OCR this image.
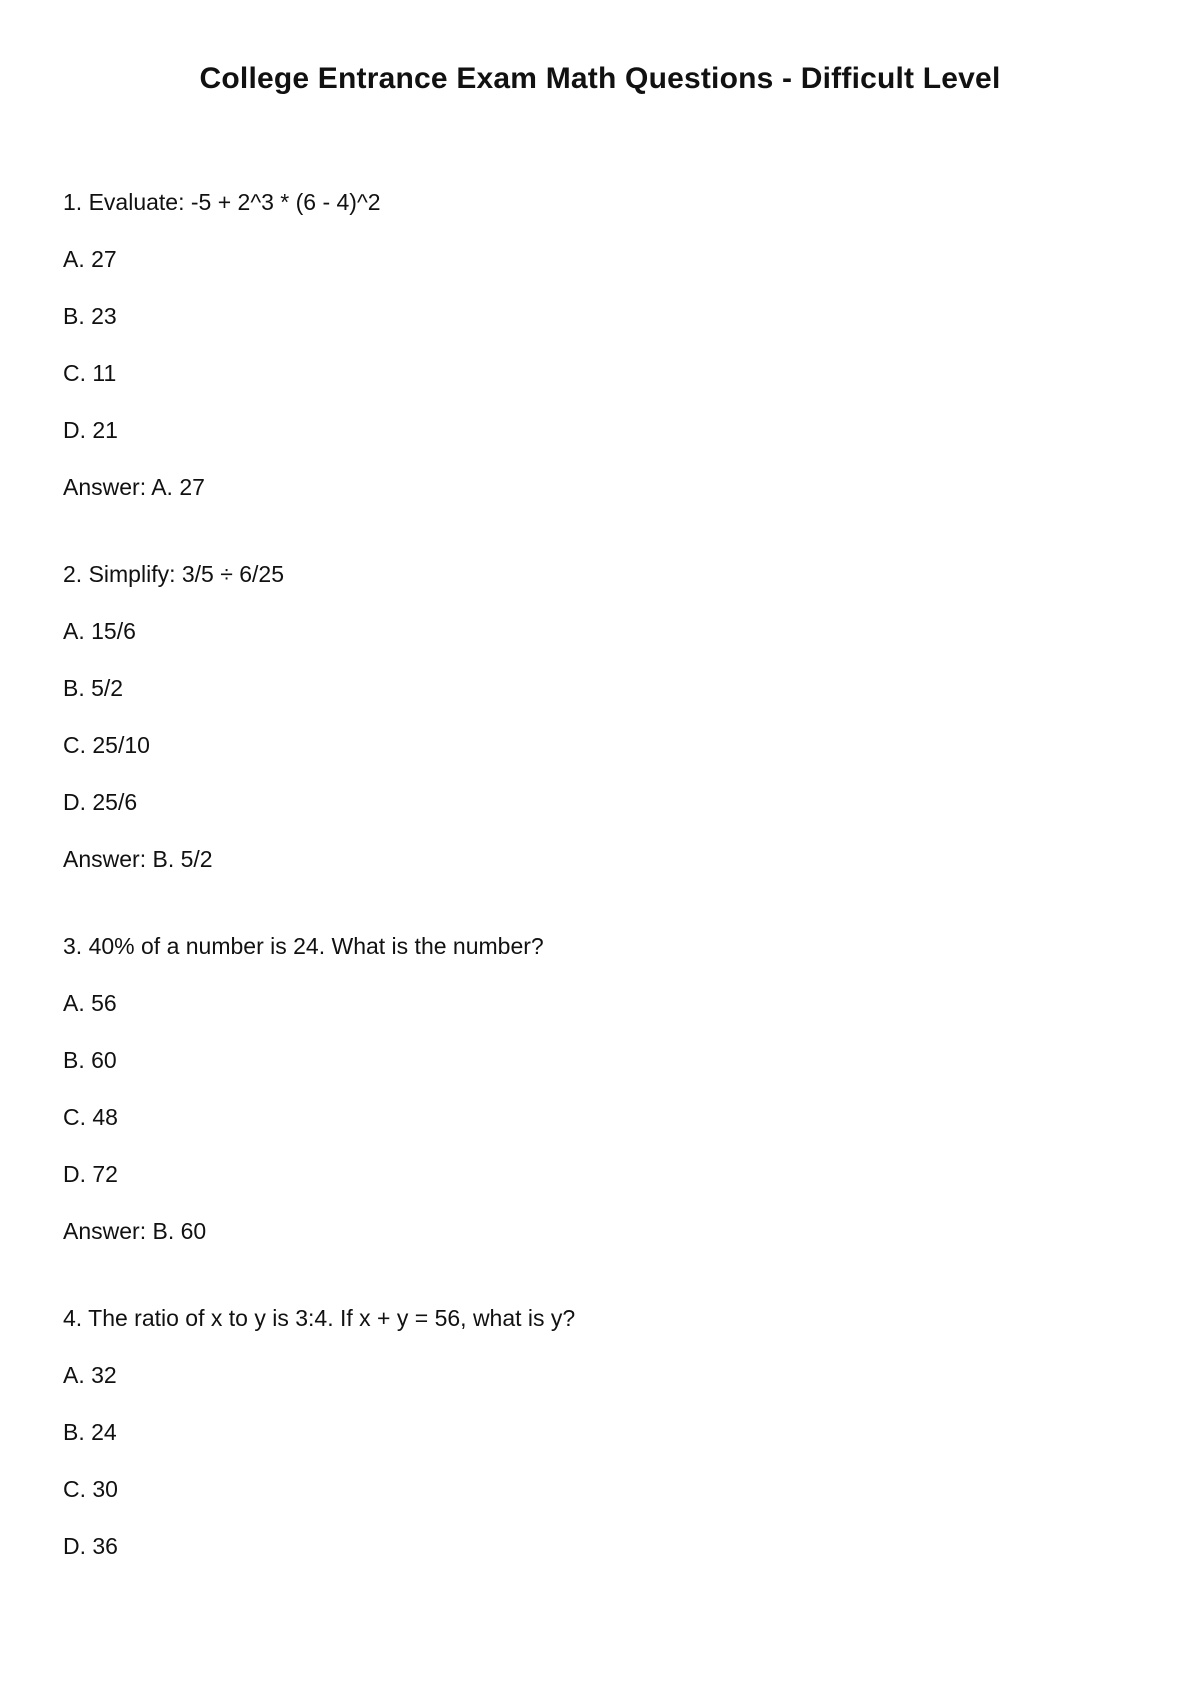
College Entrance Exam Math Questions - Difficult Level

1. Evaluate: -5 + 2^3 * (6 - 4)^2

A. 27

B. 23

C. 11

D. 21

Answer: A. 27

2. Simplify: 3/5 ÷ 6/25

A. 15/6

B. 5/2

C. 25/10

D. 25/6

Answer: B. 5/2

3. 40% of a number is 24. What is the number?

A. 56

B. 60

C. 48

D. 72

Answer: B. 60

4. The ratio of x to y is 3:4. If x + y = 56, what is y?

A. 32

B. 24

C. 30

D. 36
